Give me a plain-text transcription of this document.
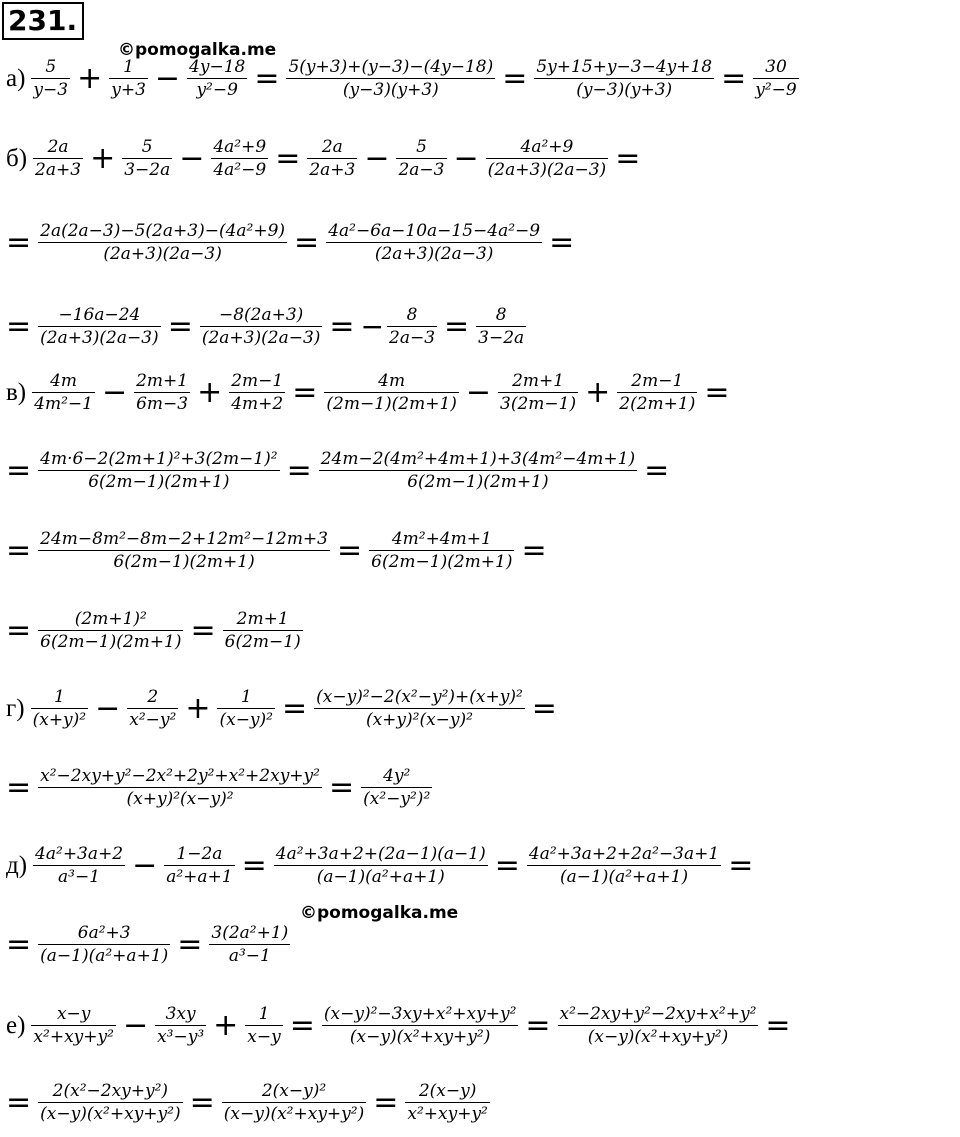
231.
©pomogalka.me
©pomogalka.me
$а) \frac{5}{y-3} + \frac{1}{y+3} - \frac{4y-18}{\text{y²−9}} = \frac{5(y+3)+(y-3)-(4y-18)}{(y-3)(y+3)} = \frac{5y+15+y-3-4y+18}{(y-3)(y+3)} = \frac{30}{\text{y²−9}}$
$б) \frac{2a}{2a+3} + \frac{5}{3-2a} - \frac{\text{4a²+9}}{\text{4a²−9}} = \frac{2a}{2a+3} - \frac{5}{2a-3} - \frac{\text{4a²+9}}{(2a+3)(2a-3)}$ =
= $\frac{\text{2a(2a−3)−5(2a+3)−(4a²+9)}}{(2a+3)(2a-3)} = \frac{\text{4a²−6a−10a−15−4a²−9}}{(2a+3)(2a-3)}$ =
= $\frac{-16a-24}{(2a+3)(2a-3)} = \frac{-8(2a+3)}{(2a+3)(2a-3)}$ = − $\frac{8}{2a-3} = \frac{8}{3-2a}$
$в) \frac{4m}{\text{4m²−1}} - \frac{2m+1}{6m-3} + \frac{2m-1}{4m+2} = \frac{4m}{(2m-1)(2m+1)} - \frac{2m+1}{3(2m-1)} + \frac{2m-1}{2(2m+1)}$ =
= $\frac{\text{4m·6−2(2m+1)²+3(2m−1)²}}{6(2m-1)(2m+1)} = \frac{\text{24m−2(4m²+4m+1)+3(4m²−4m+1)}}{6(2m-1)(2m+1)}$ =
= $\frac{\text{24m−8m²−8m−2+12m²−12m+3}}{6(2m-1)(2m+1)} = \frac{\text{4m²+4m+1}}{6(2m-1)(2m+1)}$ =
= $\frac{\text{(2m+1)²}}{6(2m-1)(2m+1)} = \frac{2m+1}{6(2m-1)}$
$г) \frac{1}{\text{(x+y)²}} - \frac{2}{\text{x²−y²}} + \frac{1}{\text{(x−y)²}} = \frac{\text{(x−y)²−2(x²−y²)+(x+y)²}}{\text{(x+y)²(x−y)²}}$ =
= $\frac{\text{x²−2xy+y²−2x²+2y²+x²+2xy+y²}}{\text{(x+y)²(x−y)²}} = \frac{\text{4y²}}{\text{(x²−y²)²}}$
$д) \frac{\text{4a²+3a+2}}{\text{a³−1}} - \frac{1-2a}{\text{a²+a+1}} = \frac{\text{4a²+3a+2+(2a−1)(a−1)}}{\text{(a−1)(a²+a+1)}} = \frac{\text{4a²+3a+2+2a²−3a+1}}{\text{(a−1)(a²+a+1)}}$ =
= $\frac{\text{6a²+3}}{\text{(a−1)(a²+a+1)}} = \frac{\text{3(2a²+1)}}{\text{a³−1}}$
$е) \frac{x-y}{\text{x²+xy+y²}} - \frac{3xy}{\text{x³−y³}} + \frac{1}{x-y} = \frac{\text{(x−y)²−3xy+x²+xy+y²}}{\text{(x−y)(x²+xy+y²)}} = \frac{\text{x²−2xy+y²−2xy+x²+y²}}{\text{(x−y)(x²+xy+y²)}}$ =
= $\frac{\text{2(x²−2xy+y²)}}{\text{(x−y)(x²+xy+y²)}} = \frac{\text{2(x−y)²}}{\text{(x−y)(x²+xy+y²)}} = \frac{2(x-y)}{\text{x²+xy+y²}}$
